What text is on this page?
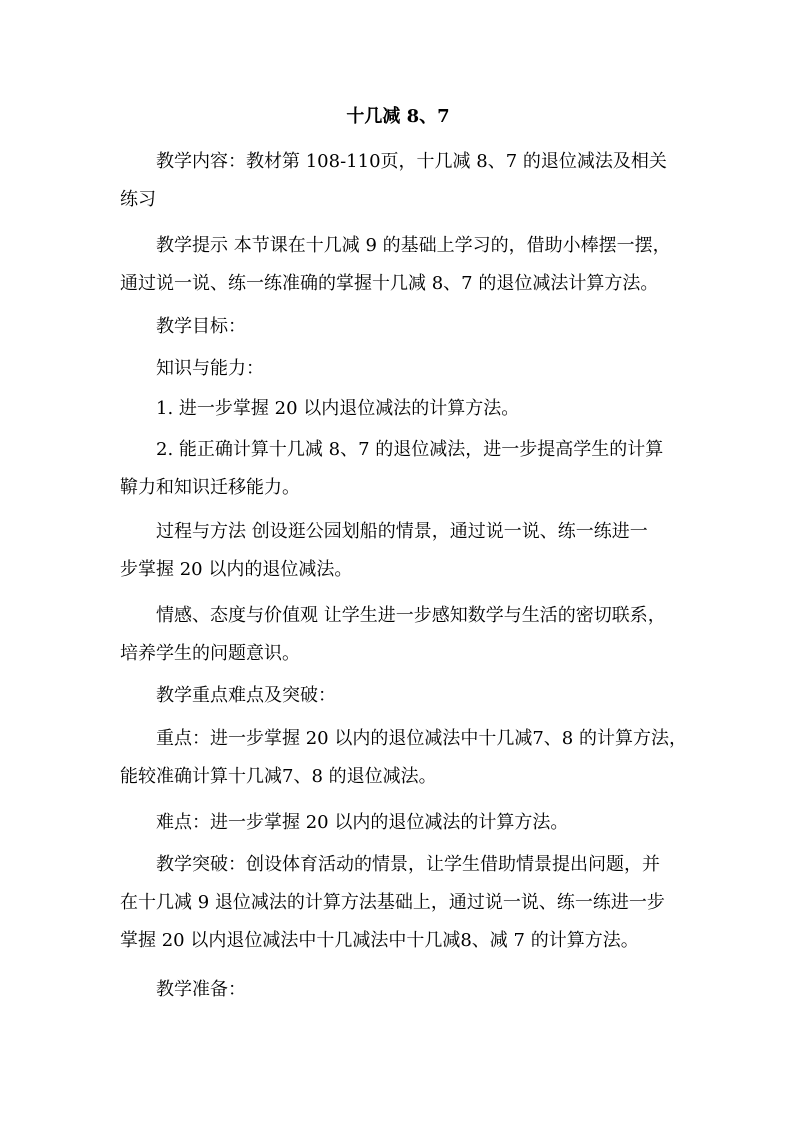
十几减 8、7
教学内容：教材第 108-110页，十几减 8、7 的退位减法及相关
练习
教学提示 本节课在十几减 9 的基础上学习的，借助小棒摆一摆，
通过说一说、练一练准确的掌握十几减 8、7 的退位减法计算方法。
教学目标：
知识与能力：
1. 进一步掌握 20 以内退位减法的计算方法。
2. 能正确计算十几减 8、7 的退位减法，进一步提高学生的计算
鞥力和知识迁移能力。
过程与方法 创设逛公园划船的情景，通过说一说、练一练进一
步掌握 20 以内的退位减法。
情感、态度与价值观 让学生进一步感知数学与生活的密切联系，
培养学生的问题意识。
教学重点难点及突破：
重点：进一步掌握 20 以内的退位减法中十几减7、8 的计算方法，
能较准确计算十几减7、8 的退位减法。
难点：进一步掌握 20 以内的退位减法的计算方法。
教学突破：创设体育活动的情景，让学生借助情景提出问题，并
在十几减 9 退位减法的计算方法基础上，通过说一说、练一练进一步
掌握 20 以内退位减法中十几减法中十几减8、减 7 的计算方法。
教学准备：
